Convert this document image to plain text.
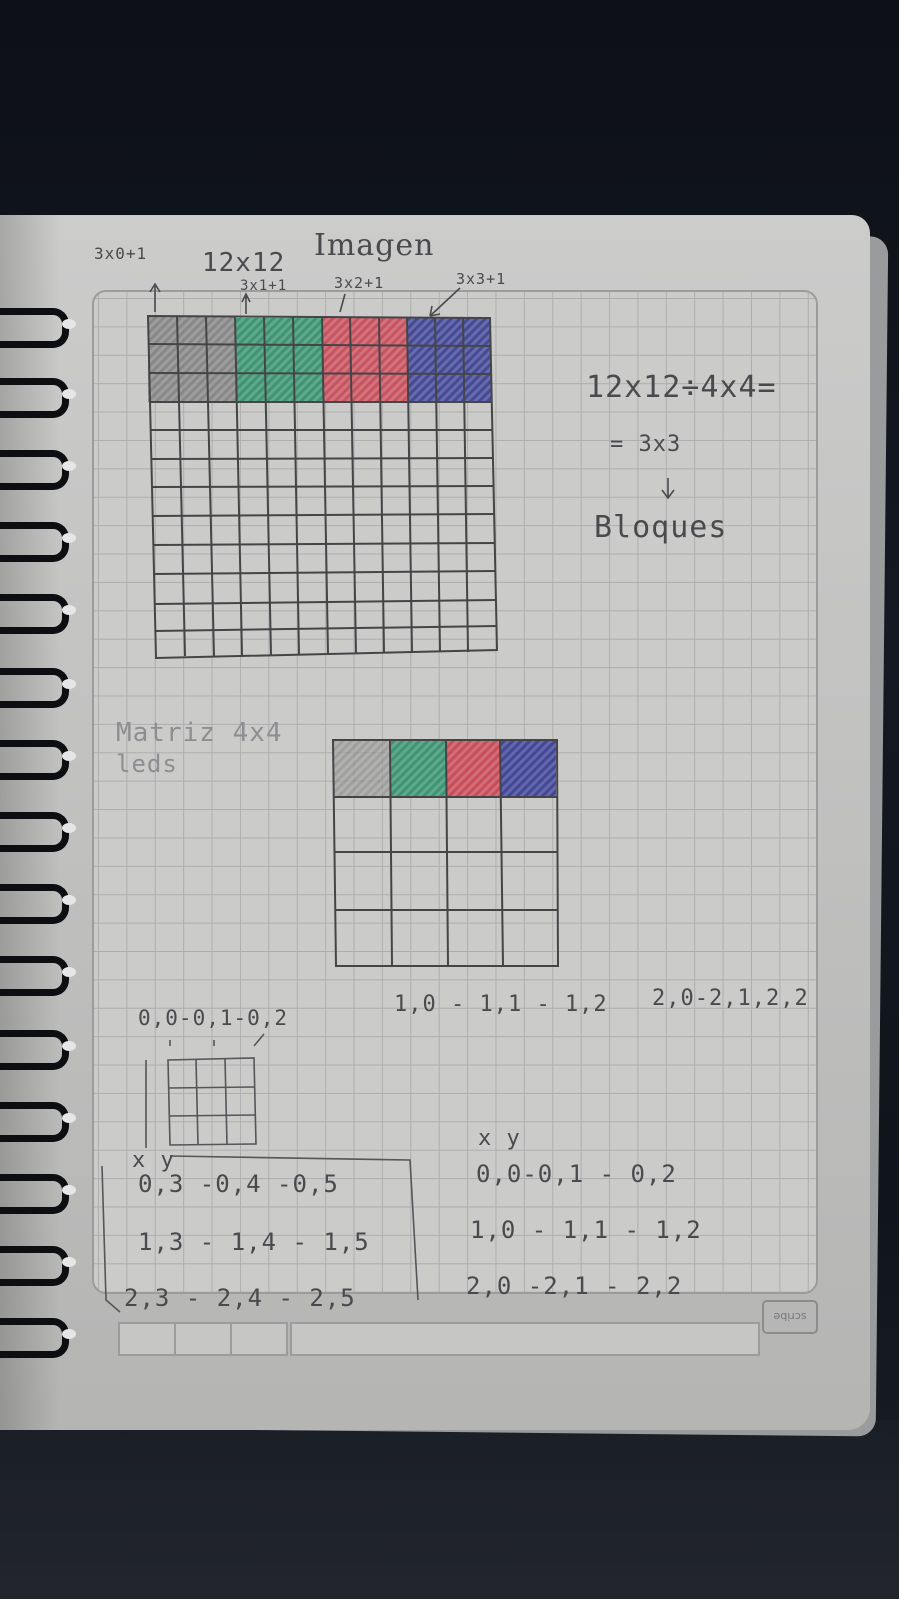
3x0+1 12x12 Imagen
3x1+1	3x2+1	3x3+1
12x12÷4x4=
= 3x3
Bloques
Matriz 4x4
leds
0,0-0,1-0,2
1,0 - 1,1 - 1,2 2,0-2,1,2,2
x y
x y
0,3 -0,4 -0,5
1,3 - 1,4 - 1,5
2,3 - 2,4 - 2,5
0,0-0,1 - 0,2
1,0 - 1,1 - 1,2
2,0 -2,1 - 2,2
scribe
